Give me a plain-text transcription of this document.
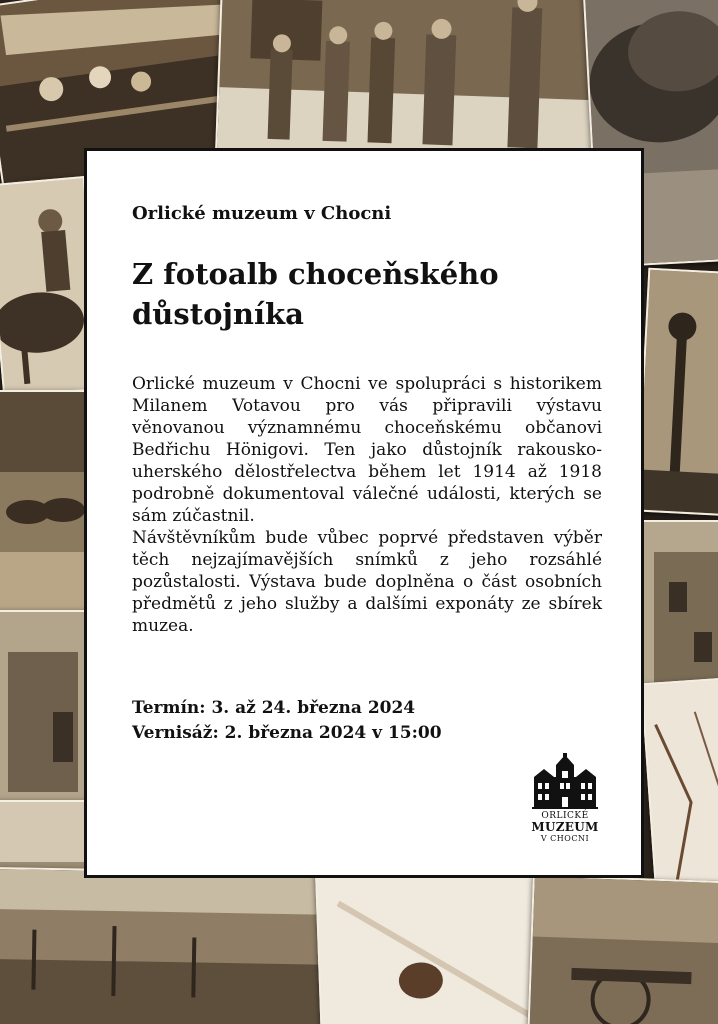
Orlické muzeum v Chocni
Z fotoalb choceňského
důstojníka

Orlické muzeum v Chocni ve spolupráci s historikem Milanem Votavou pro vás připravili výstavu věnovanou významnému choceňskému občanovi Bedřichu Hönigovi. Ten jako důstojník rakousko-uherského dělostřelectva během let 1914 až 1918 podrobně dokumentoval válečné události, kterých se sám zúčastnil.

Návštěvníkům bude vůbec poprvé představen výběr těch nejzajímavějších snímků z jeho rozsáhlé pozůstalosti. Výstava bude doplněna o část osobních předmětů z jeho služby a dalšími exponáty ze sbírek muzea.

Termín: 3. až 24. března 2024
Vernisáž: 2. března 2024 v 15:00
ORLICKÉ
MUZEUM
V CHOCNI
